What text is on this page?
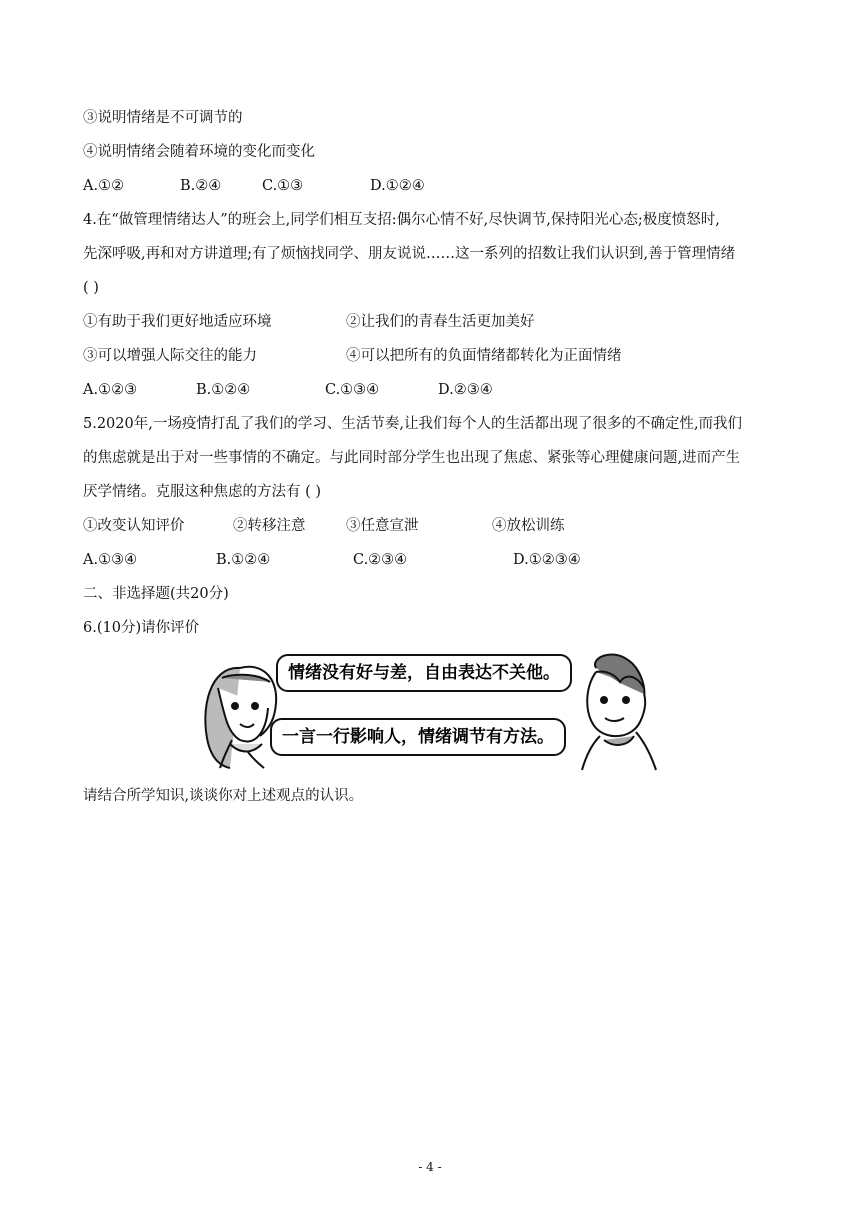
③说明情绪是不可调节的
④说明情绪会随着环境的变化而变化
A.①②	B.②④	C.①③	D.①②④
4.在“做管理情绪达人”的班会上,同学们相互支招:偶尔心情不好,尽快调节,保持阳光心态;极度愤怒时,
先深呼吸,再和对方讲道理;有了烦恼找同学、朋友说说……这一系列的招数让我们认识到,善于管理情绪
( )
①有助于我们更好地适应环境	②让我们的青春生活更加美好
③可以增强人际交往的能力	④可以把所有的负面情绪都转化为正面情绪
A.①②③	B.①②④	C.①③④	D.②③④
5.2020年,一场疫情打乱了我们的学习、生活节奏,让我们每个人的生活都出现了很多的不确定性,而我们
的焦虑就是出于对一些事情的不确定。与此同时部分学生也出现了焦虑、紧张等心理健康问题,进而产生
厌学情绪。克服这种焦虑的方法有 ( )
①改变认知评价	②转移注意	③任意宣泄	④放松训练
A.①③④	B.①②④	C.②③④	D.①②③④
二、非选择题(共20分)
6.(10分)请你评价
情绪没有好与差，自由表达不关他。
一言一行影响人，情绪调节有方法。
请结合所学知识,谈谈你对上述观点的认识。
- 4 -
